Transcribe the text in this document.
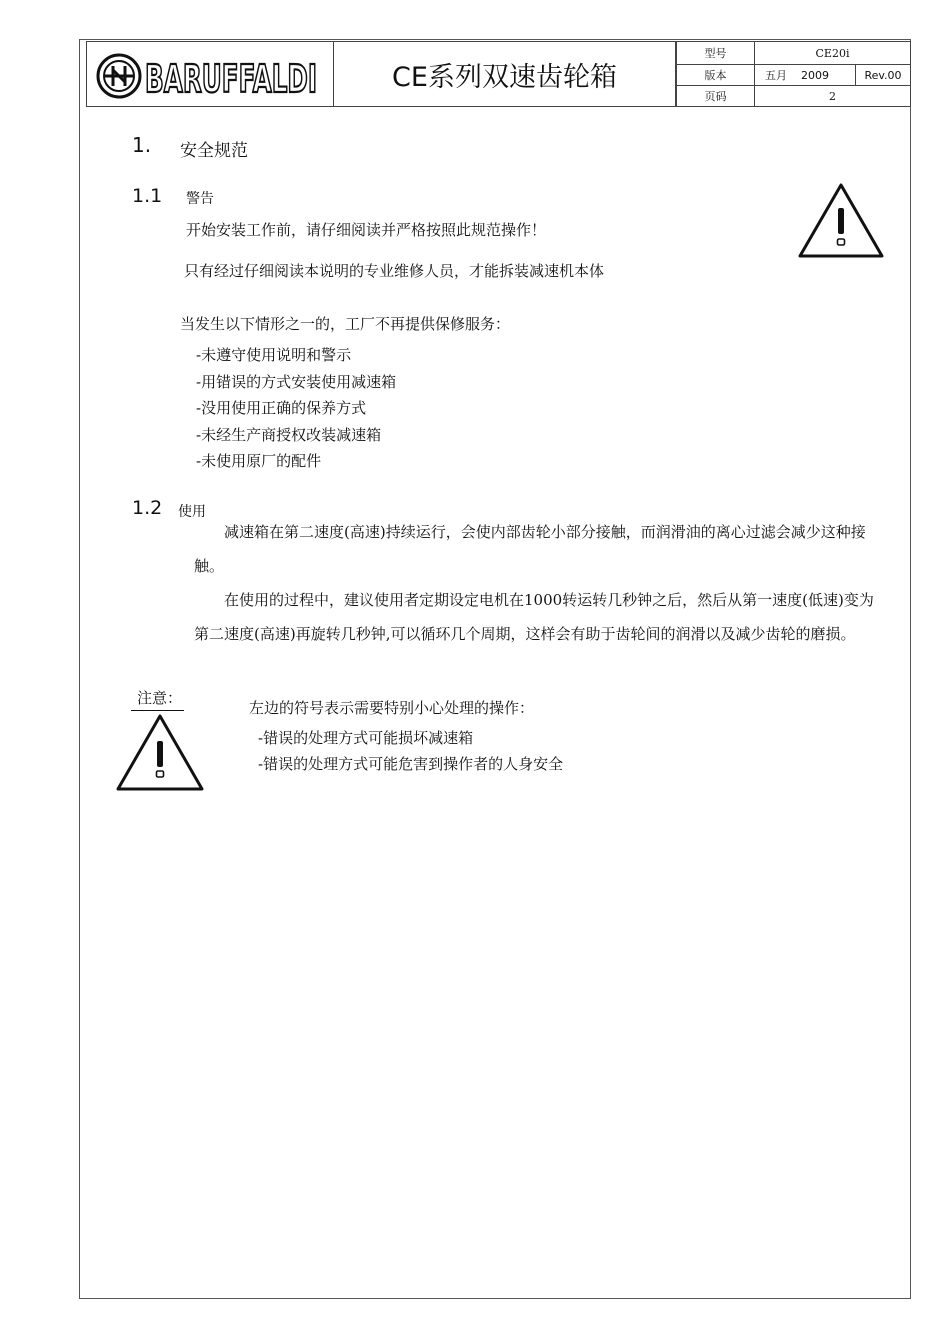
BARUFFALDI	CE系列双速齿轮箱
型号	CE20i
版本	五月 2009	Rev.00
页码	2
1. 安全规范
1.1 警告
开始安装工作前，请仔细阅读并严格按照此规范操作！
只有经过仔细阅读本说明的专业维修人员，才能拆装减速机本体
当发生以下情形之一的，工厂不再提供保修服务：
-未遵守使用说明和警示
-用错误的方式安装使用减速箱
-没用使用正确的保养方式
-未经生产商授权改装减速箱
-未使用原厂的配件
1.2 使用
减速箱在第二速度(高速)持续运行，会使内部齿轮小部分接触，而润滑油的离心过滤会减少这种接触。
在使用的过程中，建议使用者定期设定电机在1000转运转几秒钟之后，然后从第一速度(低速)变为第二速度(高速)再旋转几秒钟,可以循环几个周期，这样会有助于齿轮间的润滑以及减少齿轮的磨损。
注意：
左边的符号表示需要特别小心处理的操作：
-错误的处理方式可能损坏减速箱
-错误的处理方式可能危害到操作者的人身安全
